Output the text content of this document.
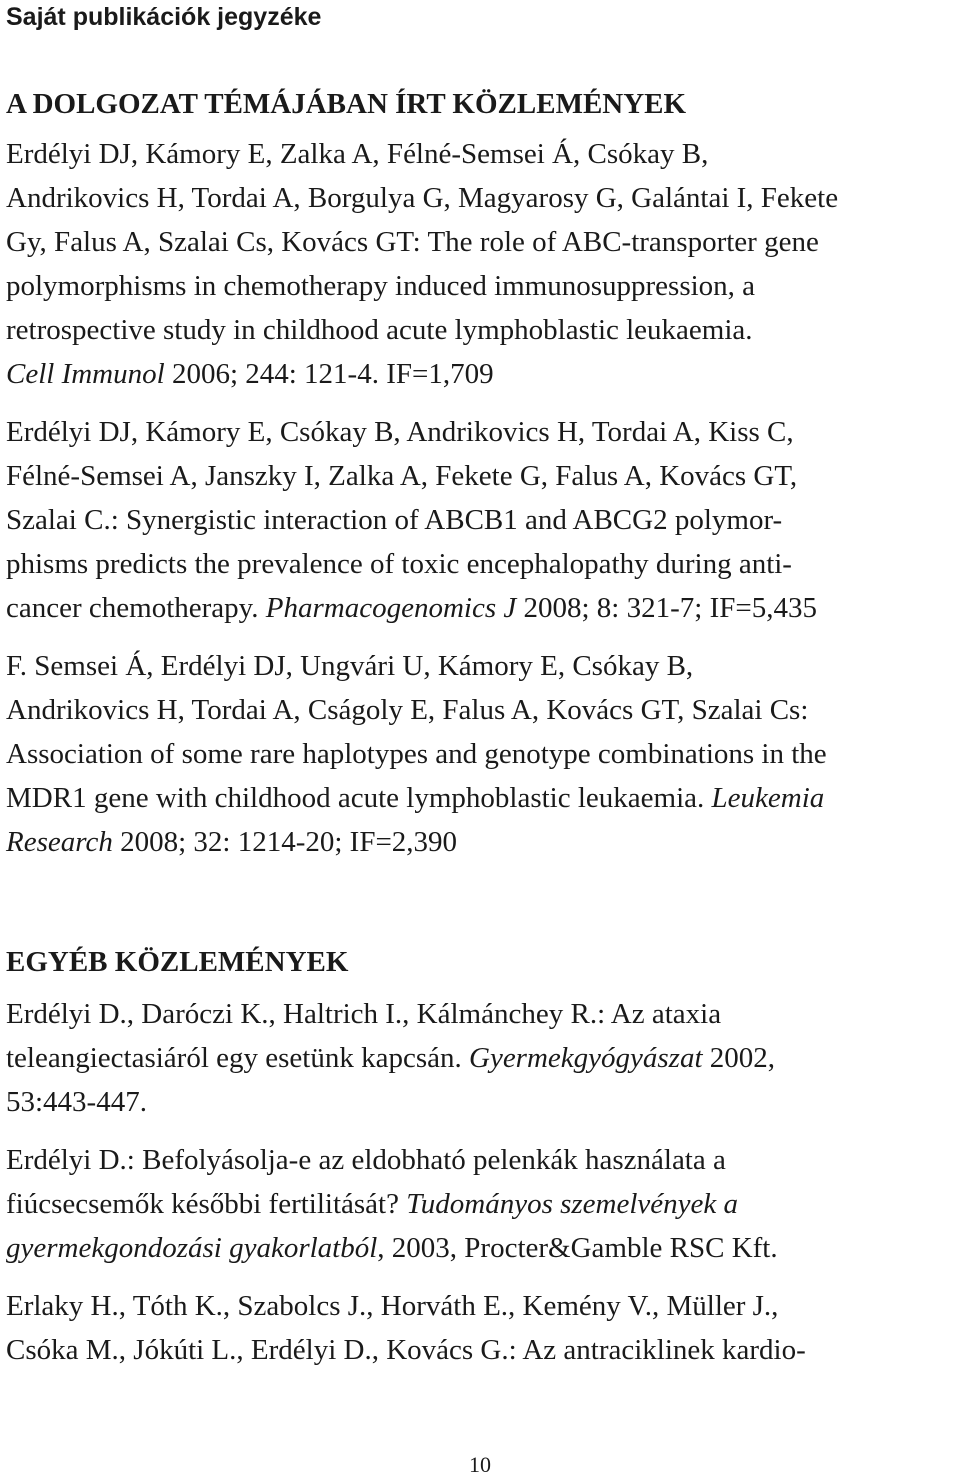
Saját publikációk jegyzéke
A DOLGOZAT TÉMÁJÁBAN ÍRT KÖZLEMÉNYEK
Erdélyi DJ, Kámory E, Zalka A, Félné-Semsei Á, Csókay B,
Andrikovics H, Tordai A, Borgulya G, Magyarosy G, Galántai I, Fekete
Gy, Falus A, Szalai Cs, Kovács GT: The role of ABC-transporter gene
polymorphisms in chemotherapy induced immunosuppression, a
retrospective study in childhood acute lymphoblastic leukaemia.
Cell Immunol 2006; 244: 121-4. IF=1,709
Erdélyi DJ, Kámory E, Csókay B, Andrikovics H, Tordai A, Kiss C,
Félné-Semsei A, Janszky I, Zalka A, Fekete G, Falus A, Kovács GT,
Szalai C.: Synergistic interaction of ABCB1 and ABCG2 polymor-
phisms predicts the prevalence of toxic encephalopathy during anti-
cancer chemotherapy. Pharmacogenomics J 2008; 8: 321-7; IF=5,435
F. Semsei Á, Erdélyi DJ, Ungvári U, Kámory E, Csókay B,
Andrikovics H, Tordai A, Cságoly E, Falus A, Kovács GT, Szalai Cs:
Association of some rare haplotypes and genotype combinations in the
MDR1 gene with childhood acute lymphoblastic leukaemia. Leukemia
Research 2008; 32: 1214-20; IF=2,390
EGYÉB KÖZLEMÉNYEK
Erdélyi D., Daróczi K., Haltrich I., Kálmánchey R.: Az ataxia
teleangiectasiáról egy esetünk kapcsán. Gyermekgyógyászat 2002,
53:443-447.
Erdélyi D.: Befolyásolja-e az eldobható pelenkák használata a
fiúcsecsemők későbbi fertilitását? Tudományos szemelvények a
gyermekgondozási gyakorlatból, 2003, Procter&Gamble RSC Kft.
Erlaky H., Tóth K., Szabolcs J., Horváth E., Kemény V., Müller J.,
Csóka M., Jókúti L., Erdélyi D., Kovács G.: Az antraciklinek kardio-
10
